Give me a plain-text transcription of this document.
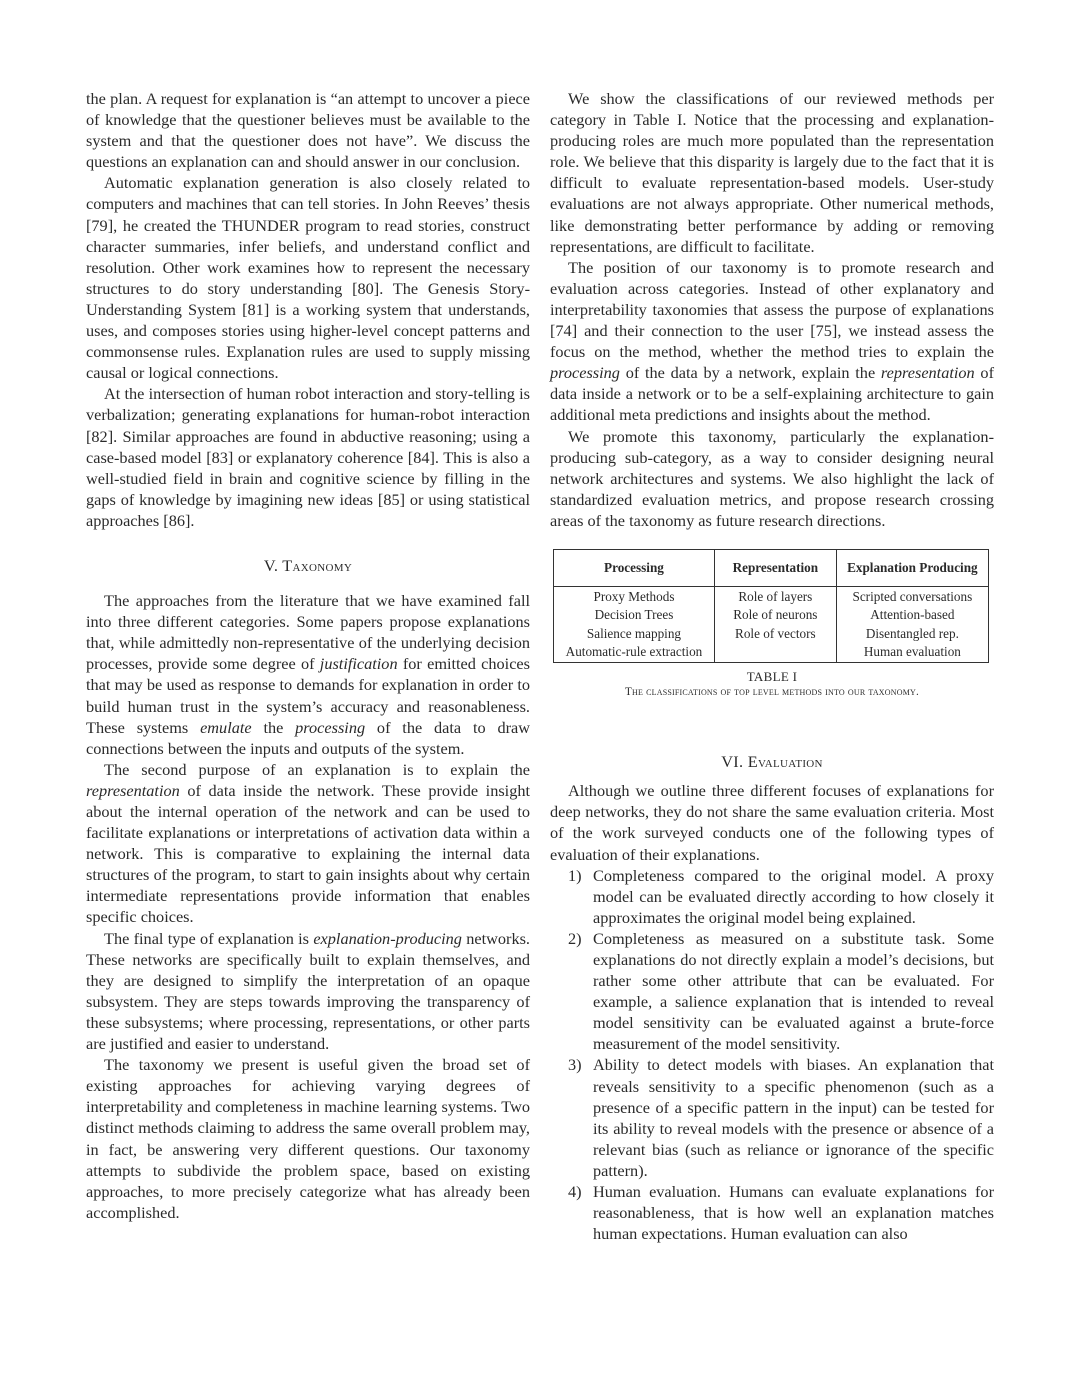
the plan. A request for explanation is “an attempt to uncover a piece of knowledge that the questioner believes must be available to the system and that the questioner does not have”. We discuss the questions an explanation can and should answer in our conclusion.

Automatic explanation generation is also closely related to computers and machines that can tell stories. In John Reeves’ thesis [79], he created the THUNDER program to read stories, construct character summaries, infer beliefs, and understand conflict and resolution. Other work examines how to represent the necessary structures to do story understanding [80]. The Genesis Story-Understanding System [81] is a working system that understands, uses, and composes stories using higher-level concept patterns and commonsense rules. Explanation rules are used to supply missing causal or logical connections.

At the intersection of human robot interaction and story-telling is verbalization; generating explanations for human-robot interaction [82]. Similar approaches are found in abductive reasoning; using a case-based model [83] or explanatory coherence [84]. This is also a well-studied field in brain and cognitive science by filling in the gaps of knowledge by imagining new ideas [85] or using statistical approaches [86].

V. Taxonomy

The approaches from the literature that we have examined fall into three different categories. Some papers propose explanations that, while admittedly non-representative of the underlying decision processes, provide some degree of justification for emitted choices that may be used as response to demands for explanation in order to build human trust in the system’s accuracy and reasonableness. These systems emulate the processing of the data to draw connections between the inputs and outputs of the system.

The second purpose of an explanation is to explain the representation of data inside the network. These provide insight about the internal operation of the network and can be used to facilitate explanations or interpretations of activation data within a network. This is comparative to explaining the internal data structures of the program, to start to gain insights about why certain intermediate representations provide information that enables specific choices.

The final type of explanation is explanation-producing networks. These networks are specifically built to explain themselves, and they are designed to simplify the interpretation of an opaque subsystem. They are steps towards improving the transparency of these subsystems; where processing, representations, or other parts are justified and easier to understand.

The taxonomy we present is useful given the broad set of existing approaches for achieving varying degrees of interpretability and completeness in machine learning systems. Two distinct methods claiming to address the same overall problem may, in fact, be answering very different questions. Our taxonomy attempts to subdivide the problem space, based on existing approaches, to more precisely categorize what has already been accomplished.

We show the classifications of our reviewed methods per category in Table I. Notice that the processing and explanation-producing roles are much more populated than the representation role. We believe that this disparity is largely due to the fact that it is difficult to evaluate representation-based models. User-study evaluations are not always appropriate. Other numerical methods, like demonstrating better performance by adding or removing representations, are difficult to facilitate.

The position of our taxonomy is to promote research and evaluation across categories. Instead of other explanatory and interpretability taxonomies that assess the purpose of explanations [74] and their connection to the user [75], we instead assess the focus on the method, whether the method tries to explain the processing of the data by a network, explain the representation of data inside a network or to be a self-explaining architecture to gain additional meta predictions and insights about the method.

We promote this taxonomy, particularly the explanation-producing sub-category, as a way to consider designing neural network architectures and systems. We also highlight the lack of standardized evaluation metrics, and propose research crossing areas of the taxonomy as future research directions.

Processing	Representation	Explanation Producing
Proxy Methods	Role of layers	Scripted conversations
Decision Trees	Role of neurons	Attention-based
Salience mapping	Role of vectors	Disentangled rep.
Automatic-rule extraction		Human evaluation
TABLE I
The classifications of top level methods into our taxonomy.
VI. Evaluation

Although we outline three different focuses of explanations for deep networks, they do not share the same evaluation criteria. Most of the work surveyed conducts one of the following types of evaluation of their explanations.

1) Completeness compared to the original model. A proxy model can be evaluated directly according to how closely it approximates the original model being explained.
2) Completeness as measured on a substitute task. Some explanations do not directly explain a model’s decisions, but rather some other attribute that can be evaluated. For example, a salience explanation that is intended to reveal model sensitivity can be evaluated against a brute-force measurement of the model sensitivity.
3) Ability to detect models with biases. An explanation that reveals sensitivity to a specific phenomenon (such as a presence of a specific pattern in the input) can be tested for its ability to reveal models with the presence or absence of a relevant bias (such as reliance or ignorance of the specific pattern).
4) Human evaluation. Humans can evaluate explanations for reasonableness, that is how well an explanation matches human expectations. Human evaluation can also
